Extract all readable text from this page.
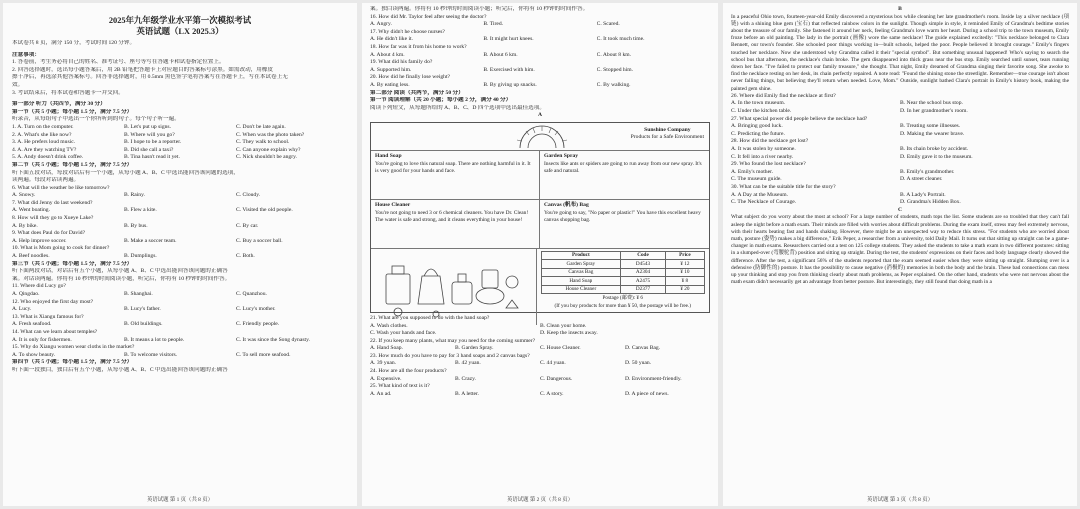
2025年九年级学业水平第一次模拟考试
英语试题（LX 2025.3）
本试卷共 8 页，满分 150 分，考试时间 120 分钟。
注意事项：
1. 答卷前，考生务必将自己的姓名、准考证号、座号等写在答题卡和试卷指定位置上。
2. 回答选择题时，选出每小题答案后，用 2B 铅笔把答题卡上对应题目的答案标号涂黑。如需改动，用橡皮
擦干净后，再选涂其他答案标号。回答非选择题时，用 0.5mm 黑色签字笔将答案写在答题卡上，写在本试卷上无
效。
3. 考试结束后，将本试卷和答题卡一并交回。
第一部分 听力（共四节，满分 30 分）
第一节（共 5 小题；每小题 1.5 分，满分 7.5 分）
听录音，从每组句子中选出一个你所听到的句子。每个句子听一遍。
1. A. Turn on the computer.	B. Let's put up signs.	C. Don't be late again.
2. A. What's she like now?	B. Where will you go?	C. When was the photo taken?
3. A. He prefers loud music.	B. I hope to be a reporter.	C. They walk to school.
4. A. Are they watching TV?	B. Did she call a taxi?	C. Can anyone explain why?
5. A. Andy doesn't drink coffee.	B. Tina hasn't read it yet.	C. Nick shouldn't be angry.
第二节（共 5 小题；每小题 1.5 分，满分 7.5 分）
听下面五段对话，每段对话后有一个小题，从每小题 A、B、C 中选出能回答该问题的选项，
读两遍。每段对话读两遍。
6. What will the weather be like tomorrow?
A. Snowy.	B. Rainy.	C. Cloudy.
7. What did Jenny do last weekend?
A. Went boating.	B. Flew a kite.	C. Visited the old people.
8. How will they go to Xueye Lake?
A. By bike.	B. By bus.	C. By car.
9. What does Paul do for David?
A. Help improve soccer.	B. Make a soccer team.	C. Buy a soccer ball.
10. What is Mom going to cook for dinner?
A. Beef noodles.	B. Dumplings.	C. Both.
第三节（共 5 小题；每小题 1.5 分，满分 7.5 分）
听下面两段对话，对话后有五个小题，从每小题 A、B、C 中选出能回答该问题的正确答
案。对话读两遍。你将有 10 秒钟的时间阅读小题，听完后，你将有 10 秒钟的时间作答。
11. Where did Lucy go?
A. Qingdao.	B. Shanghai.	C. Quanzhou.
12. Who enjoyed the first day most?
A. Lucy.	B. Lucy's father.	C. Lucy's mother.
13. What is Xiangu famous for?
A. Fresh seafood.	B. Old buildings.	C. Friendly people.
14. What can we learn about temples?
A. It is only for fishermen.	B. It means a lot to people.	C. It was since the Song dynasty.
15. Why do Xiangu women wear cloths in the market?
A. To show beauty.	B. To welcome visitors.	C. To sell more seafood.
第四节（共 5 小题；每小题 1.5 分，满分 7.5 分）
听下面一段独白，独白后有五个小题，从每小题 A、B、C 中选出能回答该问题的正确答
英语试题 第 1 页（共 8 页）
案。独白读两遍。你将有 10 秒钟的时间阅读小题；听完后，你将有 10 秒钟的时间作答。
16. How did Mr. Taylor feel after seeing the doctor?
A. Angry.	B. Tired.	C. Scared.
17. Why didn't he choose nurses?
A. He didn't like it.	B. It might hurt knees.	C. It took much time.
18. How far was it from his home to work?
A. About 4 km.	B. About 6 km.	C. About 8 km.
19. What did his family do?
A. Supported him.	B. Exercised with him.	C. Stopped him.
20. How did he finally lose weight?
A. By eating less.	B. By giving up snacks.	C. By walking.
第二部分 阅读（共两节，满分 50 分）
第一节 阅读理解（共 20 小题；每小题 2 分，满分 40 分）
阅读下列短文，从每题所给的 A、B、C、D 四个选项中选出最佳选项。
A
Sunshine Company
Products for a Safe Environment
Hand Soap
You're going to love this natural soap. There are nothing harmful in it. It is very good for your hands and face.
Garden Spray
Insects like ants or spiders are going to run away from our new spray. It's safe and natural.
House Cleaner
You're not going to need 3 or 6 chemical cleaners. You have Dr. Clean! The water is safe and strong, and it cleans everything in your house!
Canvas (帆布) Bag
You're going to say, "No paper or plastic!" You have this excellent heavy canvas shopping bag.
Product	Code	Price
Garden Spray	D4543	¥ 12
Canvas Bag	A2304	¥ 10
Hand Soap	A2475	¥ 8
House Cleaner	D2377	¥ 20
Postage (邮费): ¥ 6
(If you buy products for more than ¥ 50, the postage will be free.)
21. What are you supposed to do with the hand soap?
A. Wash clothes.	B. Clean your home.
C. Wash your hands and face.	D. Keep the insects away.
22. If you keep many plants, what may you need for the coming summer?
A. Hand Soap.	B. Garden Spray.	C. House Cleaner.	D. Canvas Bag.
23. How much do you have to pay for 3 hand soaps and 2 canvas bags?
A. 39 yuan.	B. 42 yuan.	C. 44 yuan.	D. 50 yuan.
24. How are all the four products?
A. Expensive.	B. Crazy.	C. Dangerous.	D. Environment-friendly.
25. What kind of text is it?
A. An ad.	B. A letter.	C. A story.	D. A piece of news.
英语试题 第 2 页（共 8 页）
B
In a peaceful Ohio town, fourteen-year-old Emily discovered a mysterious box while cleaning her late grandmother's room. Inside lay a silver necklace (项链) with a shining blue gem (宝石) that reflected rainbow colors in the sunlight. Though simple in style, it reminded Emily of Grandma's bedtime stories about the treasure of our family. She fastened it around her neck, feeling Grandma's love warm her heart. During a school trip to the town museum, Emily froze before an old painting. The lady in the portrait (画像) wore the same necklace! The guide explained excitedly: "This necklace belonged to Clara Bennett, our town's founder. She schooled poor things working in—built schools, helped the poor. People believed it brought courage." Emily's fingers touched her necklace. Now she understood why Grandma called it their "special symbol". But something unusual happened! Who's saying to search the school bus that afternoon, the necklace's chain broke. The gem disappeared into thick grass near the bus stop. Emily searched until sunset, tears running down her face. "I've failed to protect our family treasure," she thought. That night, Emily dreamed of Grandma singing their favorite song. She awoke to find the necklace resting on her desk, its chain perfectly repaired. A note read: "Found the shining stone the streetlight. Remember—true courage isn't about never falling things, but believing they'll return when needed. Love, Mom." Outside, sunlight bathed Clara's portrait in Emily's history book, making the painted gem shine.
26. Where did Emily find the necklace at first?
A. In the town museum.	B. Near the school bus stop.
C. Under the kitchen table.	D. In her grandmother's room.
27. What special power did people believe the necklace had?
A. Bringing good luck.	B. Treating some illnesses.
C. Predicting the future.	D. Making the wearer brave.
28. How did the necklace get lost?
A. It was stolen by someone.	B. Its chain broke by accident.
C. It fell into a river nearby.	D. Emily gave it to the museum.
29. Who found the lost necklace?
A. Emily's mother.	B. Emily's grandmother.
C. The museum guide.	D. A street cleaner.
30. What can be the suitable title for the story?
A. A Day at the Museum.	B. A Lady's Portrait.
C. The Necklace of Courage.	D. Grandma's Hidden Box.
C
What subject do you worry about the most at school? For a large number of students, math tops the list. Some students are so troubled that they can't fall asleep the night before a math exam. Their minds are filled with worries about difficult problems. During the exam itself, stress may feel extremely nervous, with their hearts beating fast and hands shaking. However, there might be an unexpected way to reduce this stress. "For students who are worried about math, posture (姿势) makes a big difference," Erik Peper, a researcher from a university, told Daily Mail. It turns out that sitting up straight can be a game-changer in math exams. Researchers carried out a test on 125 college students. They asked the students to take a math exam in two different postures: sitting in a slumped-over (弯腰驼背) position and sitting up straight. During the test, the students' expressions on their faces and body language clearly showed the difference. After the test, a significant 56% of the students reported that the exam seemed easier when they were sitting up straight. Slumping over is a defensive (防御性的) posture. It has the possibility to cause negative (消极的) memories in both the body and the brain. These bad connections can mess up your thinking and stop you from thinking clearly about math problems, as Peper explained. On the other hand, students who were not nervous about the math exam didn't necessarily get an advantage from better posture. But interestingly, they still found that doing math in a
英语试题 第 3 页（共 8 页）
